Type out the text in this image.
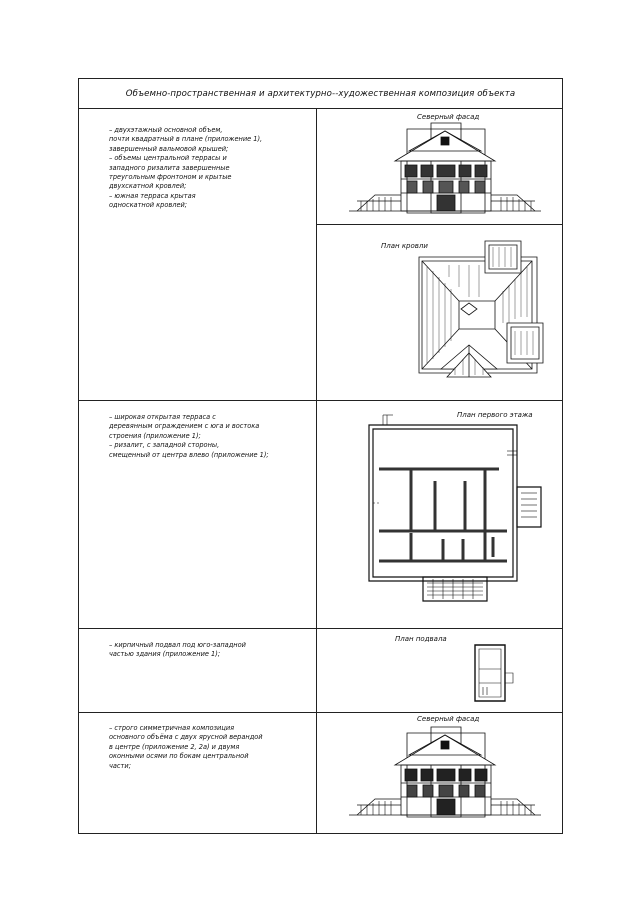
Объемно-пространственная и архитектурно--художественная композиция объекта

– двухэтажный основной объем,

почти квадратный в плане (приложение 1),

завершенный вальмовой крышей;

– объемы центральной террасы и

западного ризалита завершенные

треугольным фронтоном и крытые

двухскатной кровлей;

– южная терраса крытая

односкатной кровлей;

Северный фасад
План кровли

– широкая открытая терраса с

деревянным ограждением с юга и востока

строения (приложение 1);

– ризалит, с западной стороны,

смещенный от центра влево (приложение 1);

План первого этажа

– кирпичный подвал под юго-западной

частью здания (приложение 1);

План подвала

– строго симметричная композиция

основного объёма с двух ярусной верандой

в центре (приложение 2, 2а) и двумя

оконными осями по бокам центральной

части;

Северный фасад
